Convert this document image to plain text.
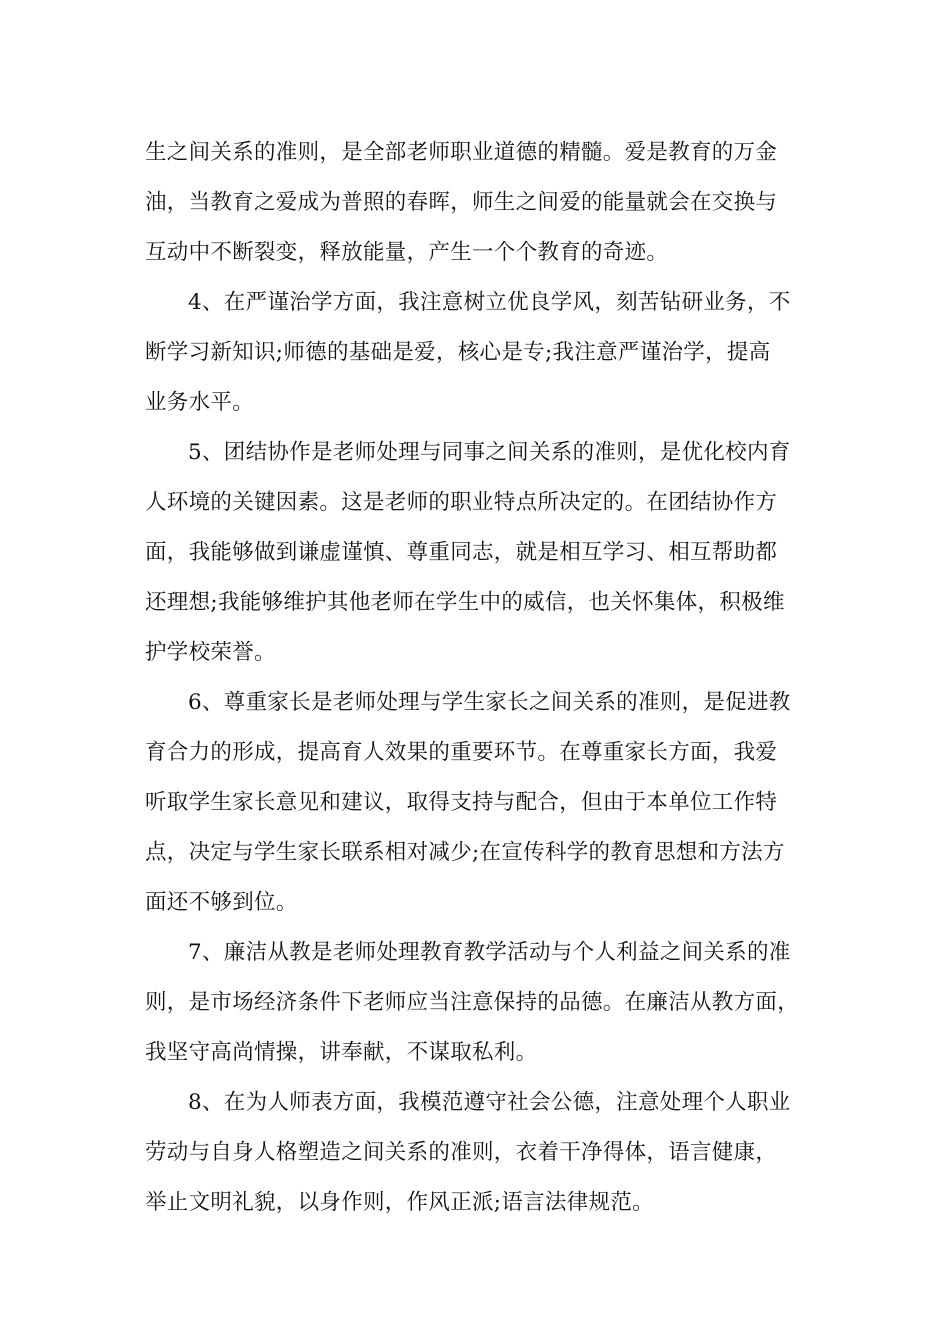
生之间关系的准则，是全部老师职业道德的精髓。爱是教育的万金
油，当教育之爱成为普照的春晖，师生之间爱的能量就会在交换与
互动中不断裂变，释放能量，产生一个个教育的奇迹。
4、在严谨治学方面，我注意树立优良学风，刻苦钻研业务，不
断学习新知识;师德的基础是爱，核心是专;我注意严谨治学，提高
业务水平。
5、团结协作是老师处理与同事之间关系的准则，是优化校内育
人环境的关键因素。这是老师的职业特点所决定的。在团结协作方
面，我能够做到谦虚谨慎、尊重同志，就是相互学习、相互帮助都
还理想;我能够维护其他老师在学生中的威信，也关怀集体，积极维
护学校荣誉。
6、尊重家长是老师处理与学生家长之间关系的准则，是促进教
育合力的形成，提高育人效果的重要环节。在尊重家长方面，我爱
听取学生家长意见和建议，取得支持与配合，但由于本单位工作特
点，决定与学生家长联系相对减少;在宣传科学的教育思想和方法方
面还不够到位。
7、廉洁从教是老师处理教育教学活动与个人利益之间关系的准
则，是市场经济条件下老师应当注意保持的品德。在廉洁从教方面，
我坚守高尚情操，讲奉献，不谋取私利。
8、在为人师表方面，我模范遵守社会公德，注意处理个人职业
劳动与自身人格塑造之间关系的准则，衣着干净得体，语言健康，
举止文明礼貌，以身作则，作风正派;语言法律规范。
